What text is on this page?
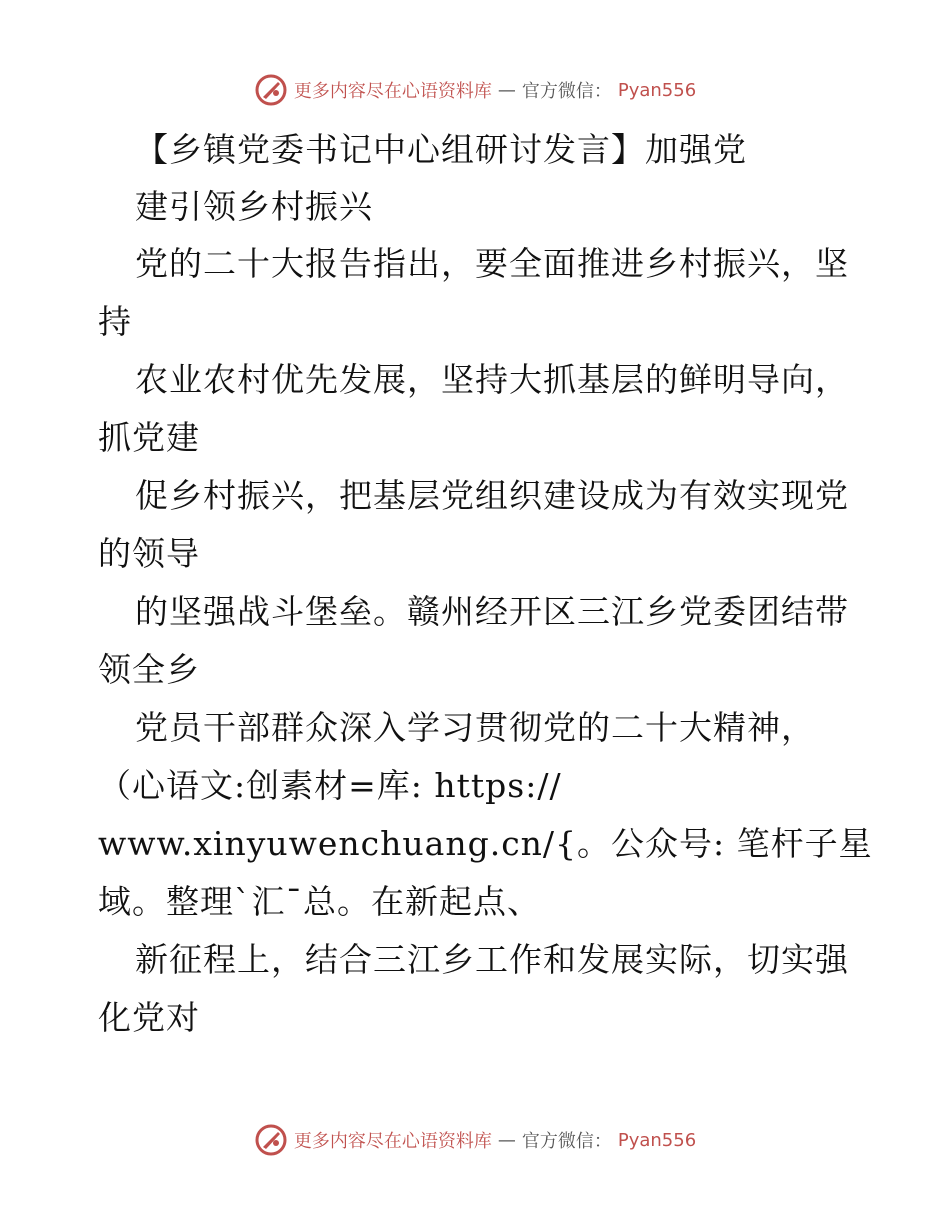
更多内容尽在心语资料库 — 官方微信： Pyan556
【乡镇党委书记中心组研讨发言】加强党
建引领乡村振兴
党的二十大报告指出，要全面推进乡村振兴，坚
持
农业农村优先发展，坚持大抓基层的鲜明导向，
抓党建
促乡村振兴，把基层党组织建设成为有效实现党
的领导
的坚强战斗堡垒。赣州经开区三江乡党委团结带
领全乡
党员干部群众深入学习贯彻党的二十大精神，
（心语文:创素材=库: https://
www.xinyuwenchuang.cn/{。公众号: 笔杆子星
域。整理`汇¯总。在新起点、
新征程上，结合三江乡工作和发展实际，切实强
化党对
更多内容尽在心语资料库 — 官方微信： Pyan556
